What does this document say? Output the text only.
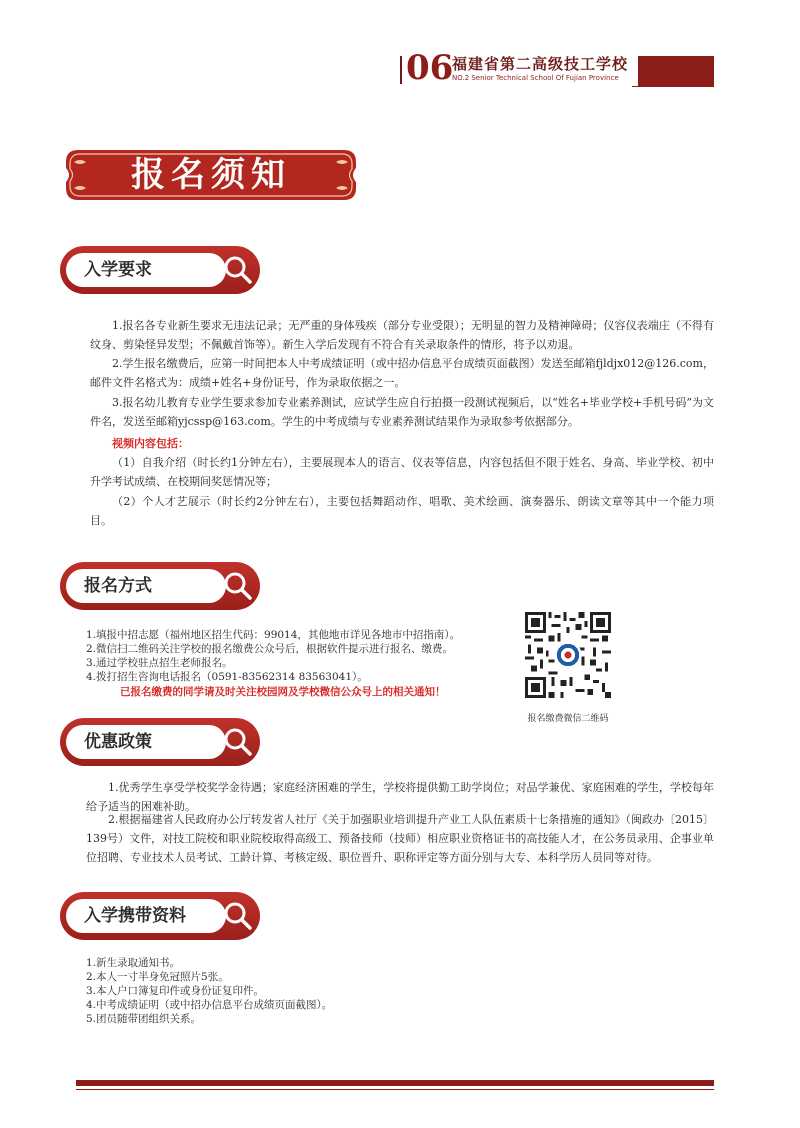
06
福建省第二高级技工学校
NO.2 Senior Technical School Of Fujian Province
报名须知
入学要求

1.报名各专业新生要求无违法记录；无严重的身体残疾（部分专业受限）；无明显的智力及精神障碍；仪容仪表端庄（不得有纹身、剪染怪异发型；不佩戴首饰等）。新生入学后发现有不符合有关录取条件的情形，将予以劝退。

2.学生报名缴费后，应第一时间把本人中考成绩证明（或中招办信息平台成绩页面截图）发送至邮箱fjldjx012@126.com，邮件文件名格式为：成绩+姓名+身份证号，作为录取依据之一。

3.报名幼儿教育专业学生要求参加专业素养测试，应试学生应自行拍摄一段测试视频后，以“姓名+毕业学校+手机号码”为文件名，发送至邮箱yjcssp@163.com。学生的中考成绩与专业素养测试结果作为录取参考依据部分。

视频内容包括：

（1）自我介绍（时长约1分钟左右），主要展现本人的语言、仪表等信息，内容包括但不限于姓名、身高、毕业学校、初中升学考试成绩、在校期间奖惩情况等；

（2）个人才艺展示（时长约2分钟左右），主要包括舞蹈动作、唱歌、美术绘画、演奏器乐、朗读文章等其中一个能力项目。

报名方式
1.填报中招志愿（福州地区招生代码：99014，其他地市详见各地市中招指南）。
2.微信扫二维码关注学校的报名缴费公众号后，根据软件提示进行报名、缴费。
3.通过学校驻点招生老师报名。
4.拨打招生咨询电话报名（0591-83562314 83563041）。

已报名缴费的同学请及时关注校园网及学校微信公众号上的相关通知！

报名缴费微信二维码
优惠政策

1.优秀学生享受学校奖学金待遇；家庭经济困难的学生，学校将提供勤工助学岗位；对品学兼优、家庭困难的学生，学校每年给予适当的困难补助。

2.根据福建省人民政府办公厅转发省人社厅《关于加强职业培训提升产业工人队伍素质十七条措施的通知》（闽政办〔2015〕139号）文件，对技工院校和职业院校取得高级工、预备技师（技师）相应职业资格证书的高技能人才，在公务员录用、企事业单位招聘、专业技术人员考试、工龄计算、考核定级、职位晋升、职称评定等方面分别与大专、本科学历人员同等对待。

入学携带资料
1.新生录取通知书。
2.本人一寸半身免冠照片5张。
3.本人户口簿复印件或身份证复印件。
4.中考成绩证明（或中招办信息平台成绩页面截图）。
5.团员随带团组织关系。
